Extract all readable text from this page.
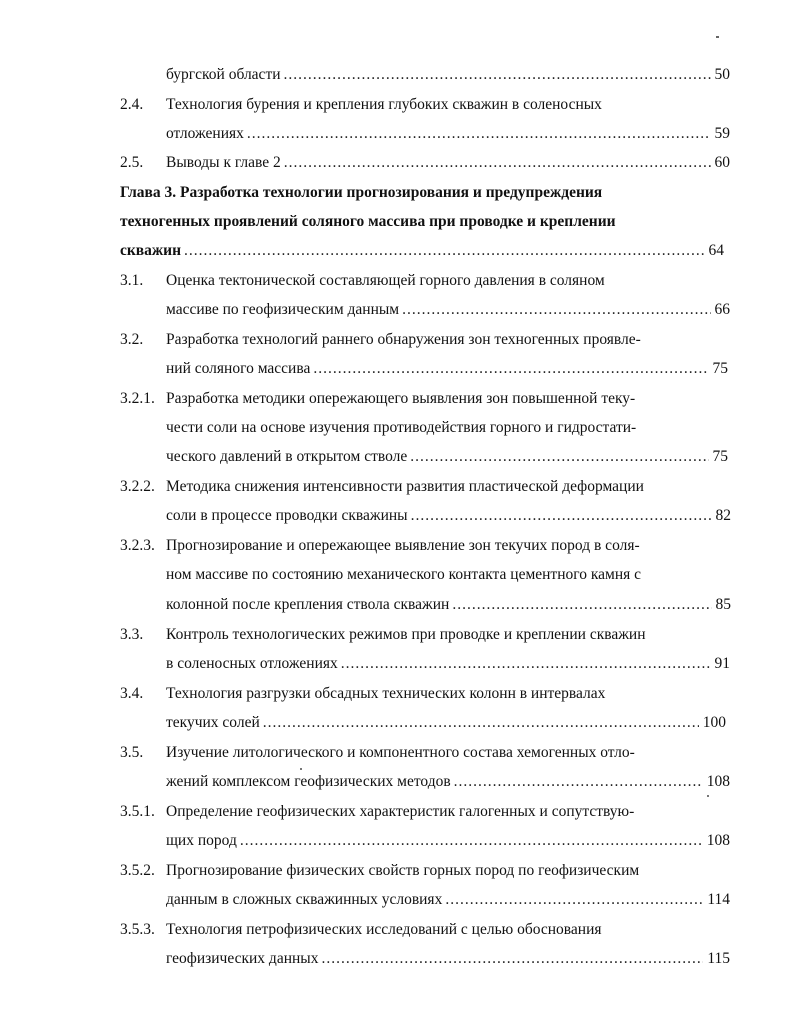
бургской области .....	50
2.4. Технология бурения и крепления глубоких скважин в соленосных
отложениях .....	59
2.5. Выводы к главе 2 .....	60
Глава 3. Разработка технологии прогнозирования и предупреждения
техногенных проявлений соляного массива при проводке и креплении
скважин .....	64
3.1. Оценка тектонической составляющей горного давления в соляном
массиве по геофизическим данным .....	66
3.2. Разработка технологий раннего обнаружения зон техногенных проявле-
ний соляного массива .....	75
3.2.1. Разработка методики опережающего выявления зон повышенной теку-
чести соли на основе изучения противодействия горного и гидростати-
ческого давлений в открытом стволе .....	75
3.2.2. Методика снижения интенсивности развития пластической деформации
соли в процессе проводки скважины .....	82
3.2.3. Прогнозирование и опережающее выявление зон текучих пород в соля-
ном массиве по состоянию механического контакта цементного камня с
колонной после крепления ствола скважин .....	85
3.3. Контроль технологических режимов при проводке и креплении скважин
в соленосных отложениях .....	91
3.4. Технология разгрузки обсадных технических колонн в интервалах
текучих солей .....	100
3.5. Изучение литологического и компонентного состава хемогенных отло-
жений комплексом геофизических методов .....	108
3.5.1. Определение геофизических характеристик галогенных и сопутствую-
щих пород .....	108
3.5.2. Прогнозирование физических свойств горных пород по геофизическим
данным в сложных скважинных условиях .....	114
3.5.3. Технология петрофизических исследований с целью обоснования
геофизических данных .....	115
